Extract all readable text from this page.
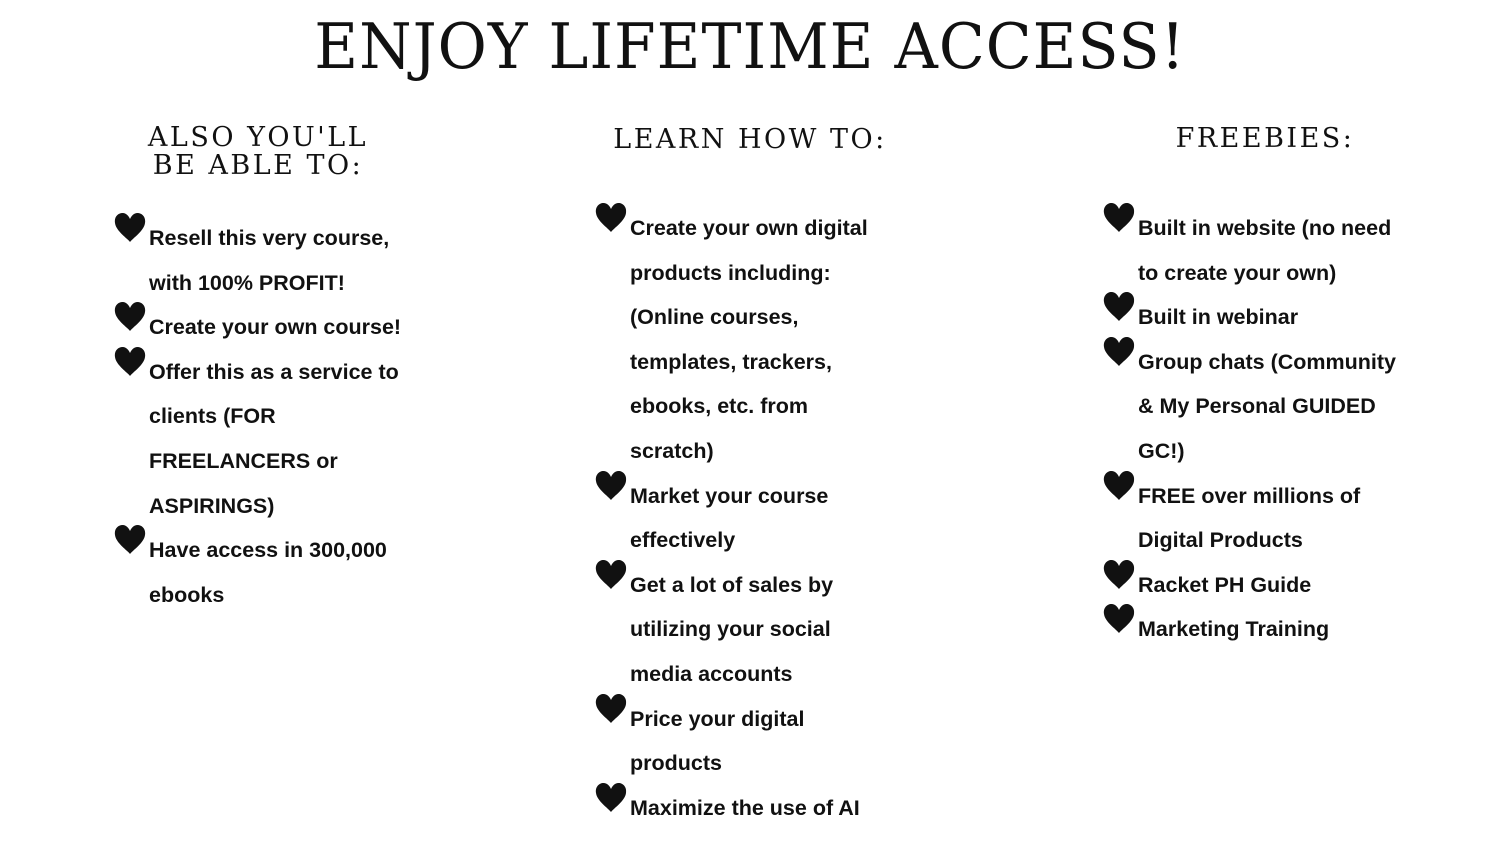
ENJOY LIFETIME ACCESS!
ALSO YOU'LL
BE ABLE TO:
LEARN HOW TO:	FREEBIES:
Resell this very course,
with 100% PROFIT!
Create your own course!
Offer this as a service to
clients (FOR
FREELANCERS or
ASPIRINGS)
Have access in 300,000
ebooks
Create your own digital
products including:
(Online courses,
templates, trackers,
ebooks, etc. from
scratch)
Market your course
effectively
Get a lot of sales by
utilizing your social
media accounts
Price your digital
products
Maximize the use of AI
Built in website (no need
to create your own)
Built in webinar
Group chats (Community
& My Personal GUIDED
GC!)
FREE over millions of
Digital Products
Racket PH Guide
Marketing Training
